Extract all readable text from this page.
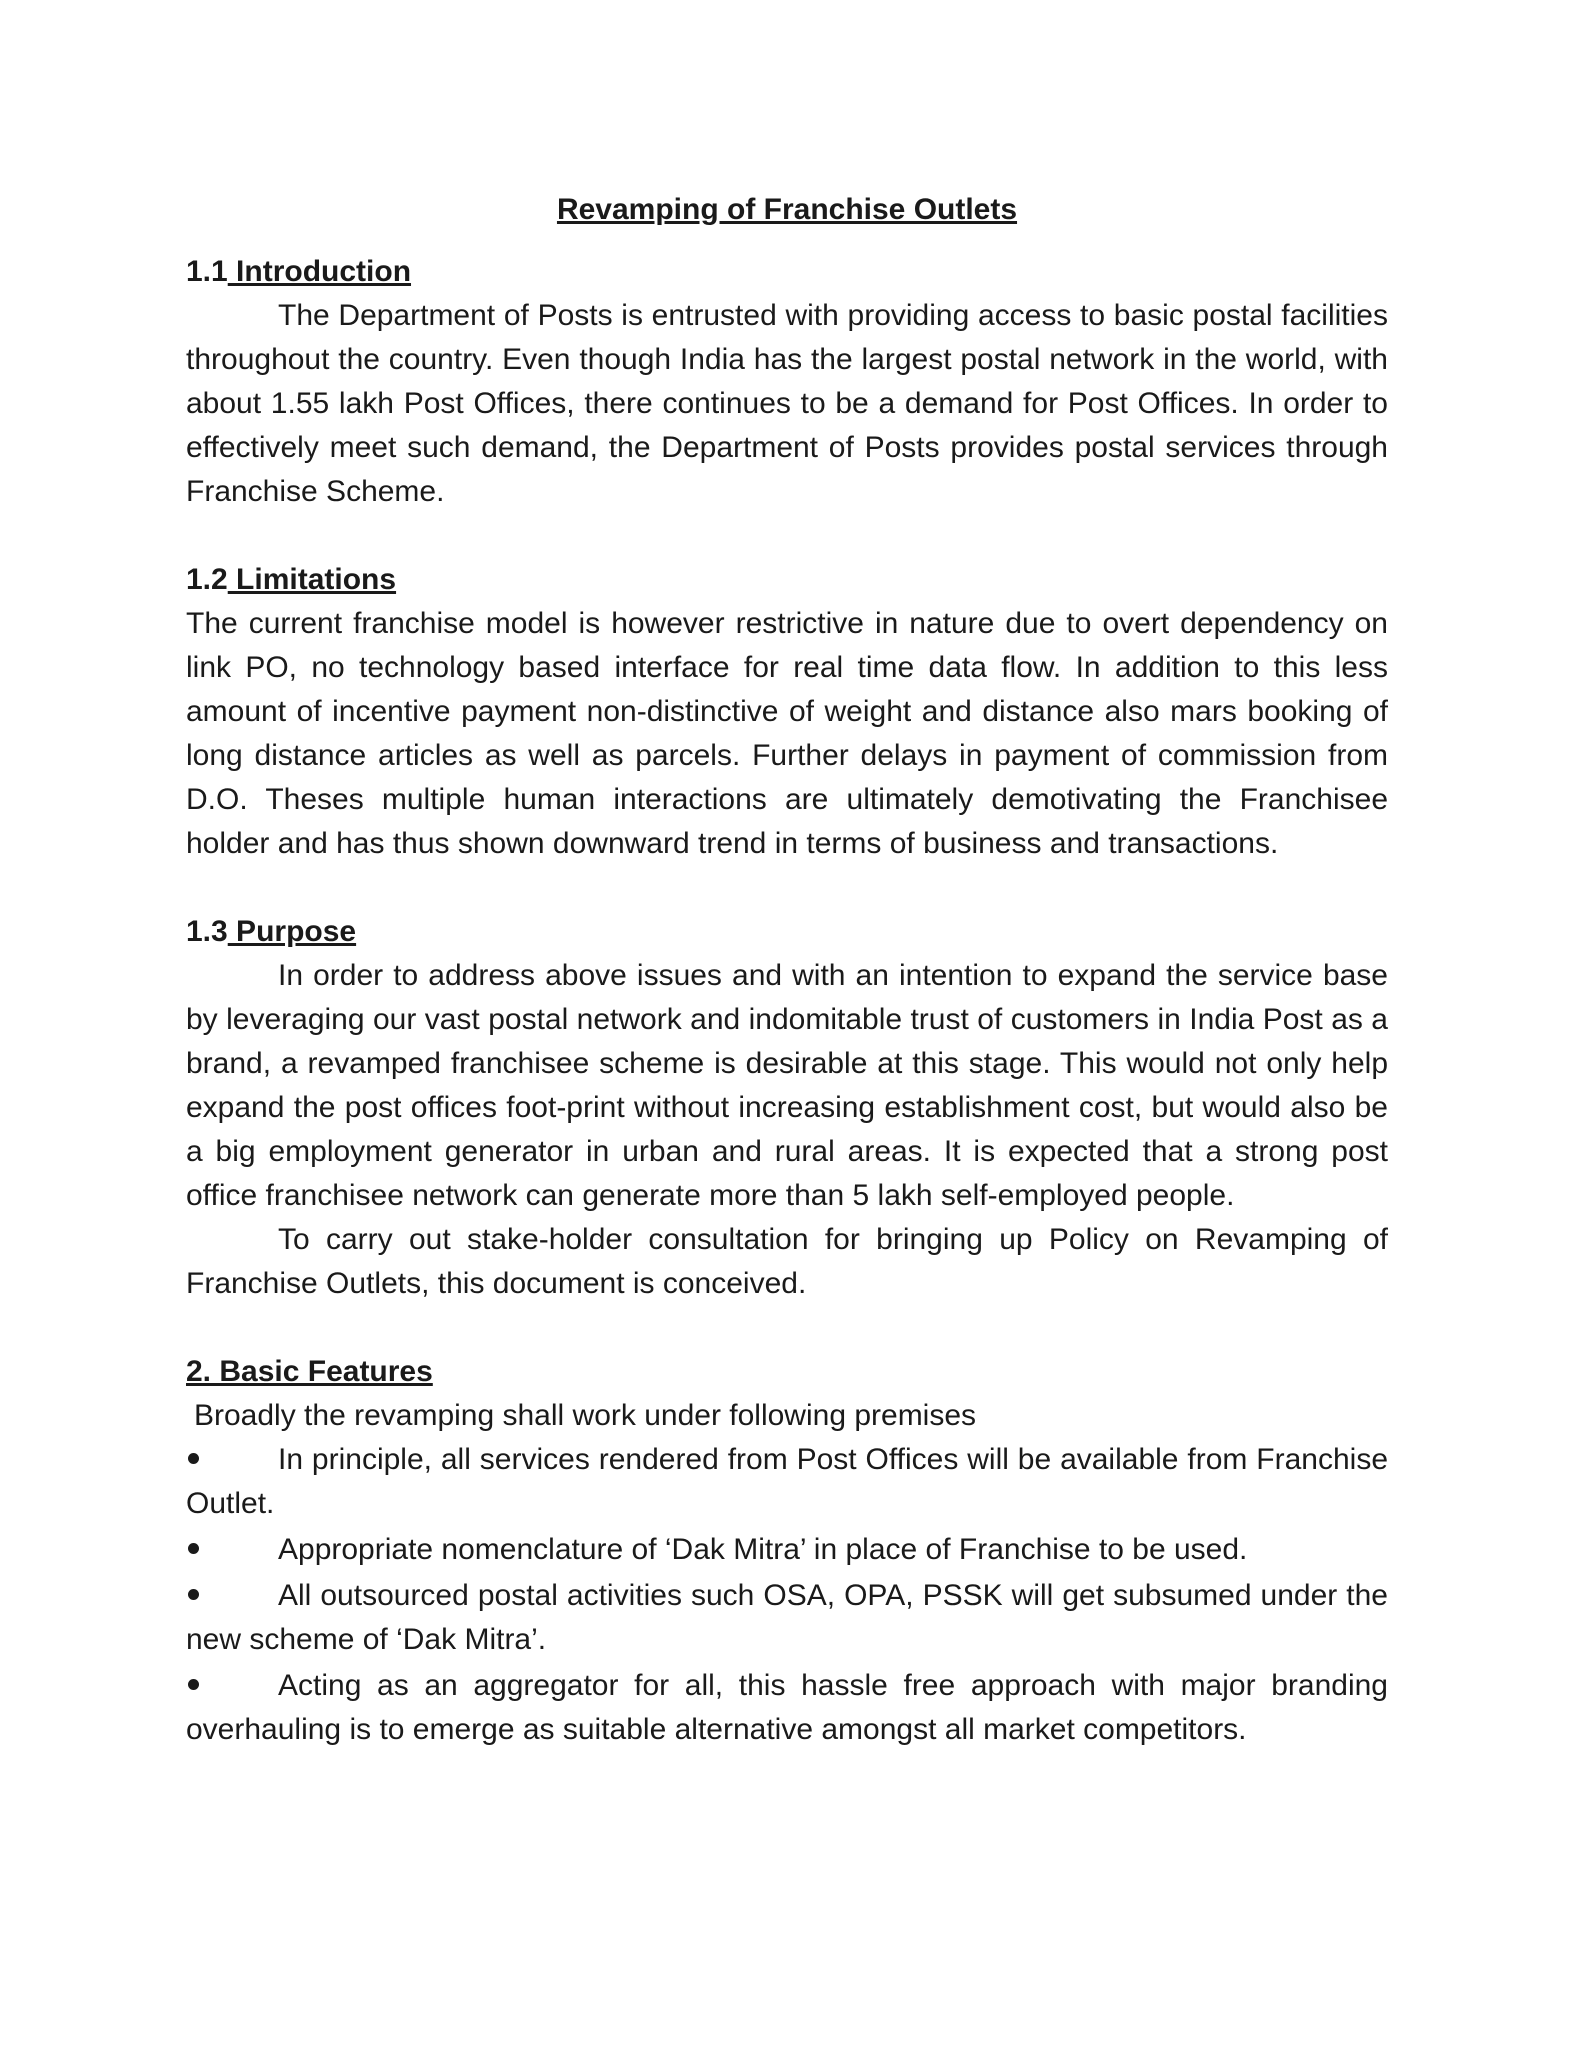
Revamping of Franchise Outlets
1.1 Introduction

The Department of Posts is entrusted with providing access to basic postal facilities throughout the country. Even though India has the largest postal network in the world, with about 1.55 lakh Post Offices, there continues to be a demand for Post Offices. In order to effectively meet such demand, the Department of Posts provides postal services through Franchise Scheme.

1.2 Limitations

The current franchise model is however restrictive in nature due to overt dependency on link PO, no technology based interface for real time data flow. In addition to this less amount of incentive payment non-distinctive of weight and distance also mars booking of long distance articles as well as parcels. Further delays in payment of commission from D.O. Theses multiple human interactions are ultimately demotivating the Franchisee holder and has thus shown downward trend in terms of business and transactions.

1.3 Purpose

In order to address above issues and with an intention to expand the service base by leveraging our vast postal network and indomitable trust of customers in India Post as a brand, a revamped franchisee scheme is desirable at this stage. This would not only help expand the post offices foot-print without increasing establishment cost, but would also be a big employment generator in urban and rural areas. It is expected that a strong post office franchisee network can generate more than 5 lakh self-employed people.

To carry out stake-holder consultation for bringing up Policy on Revamping of Franchise Outlets, this document is conceived.

2. Basic Features

Broadly the revamping shall work under following premises

In principle, all services rendered from Post Offices will be available from Franchise Outlet.
Appropriate nomenclature of ‘Dak Mitra’ in place of Franchise to be used.
All outsourced postal activities such OSA, OPA, PSSK will get subsumed under the new scheme of ‘Dak Mitra’.
Acting as an aggregator for all, this hassle free approach with major branding overhauling is to emerge as suitable alternative amongst all market competitors.
